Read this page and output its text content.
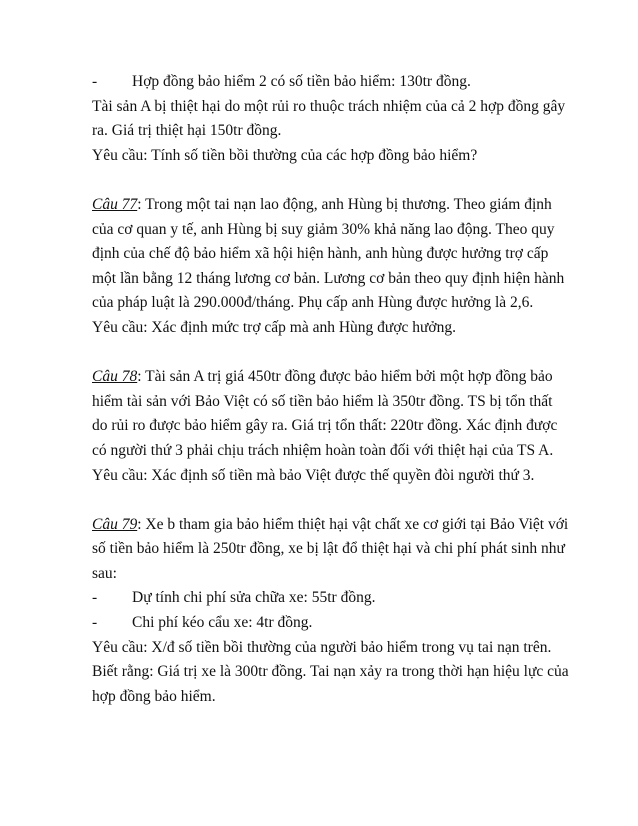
- Hợp đồng bảo hiểm 2 có số tiền bảo hiểm: 130tr đồng.
Tài sản A bị thiệt hại do một rủi ro thuộc trách nhiệm của cả 2 hợp đồng gây
ra. Giá trị thiệt hại 150tr đồng.
Yêu cầu: Tính số tiền bồi thường của các hợp đồng bảo hiểm?
Câu 77: Trong một tai nạn lao động, anh Hùng bị thương. Theo giám định
của cơ quan y tế, anh Hùng bị suy giảm 30% khả năng lao động. Theo quy
định của chế độ bảo hiểm xã hội hiện hành, anh hùng được hưởng trợ cấp
một lần bằng 12 tháng lương cơ bản. Lương cơ bản theo quy định hiện hành
của pháp luật là 290.000đ/tháng. Phụ cấp anh Hùng được hưởng là 2,6.
Yêu cầu: Xác định mức trợ cấp mà anh Hùng được hưởng.
Câu 78: Tài sản A trị giá 450tr đồng được bảo hiểm bởi một hợp đồng bảo
hiểm tài sản với Bảo Việt có số tiền bảo hiểm là 350tr đồng. TS bị tổn thất
do rủi ro được bảo hiểm gây ra. Giá trị tổn thất: 220tr đồng. Xác định được
có người thứ 3 phải chịu trách nhiệm hoàn toàn đối với thiệt hại của TS A.
Yêu cầu: Xác định số tiền mà bảo Việt được thế quyền đòi người thứ 3.
Câu 79: Xe b tham gia bảo hiểm thiệt hại vật chất xe cơ giới tại Bảo Việt với
số tiền bảo hiểm là 250tr đồng, xe bị lật đổ thiệt hại và chi phí phát sinh như
sau:
- Dự tính chi phí sửa chữa xe: 55tr đồng.
- Chi phí kéo cẩu xe: 4tr đồng.
Yêu cầu: X/đ số tiền bồi thường của người bảo hiểm trong vụ tai nạn trên.
Biết rằng: Giá trị xe là 300tr đồng. Tai nạn xảy ra trong thời hạn hiệu lực của
hợp đồng bảo hiểm.
